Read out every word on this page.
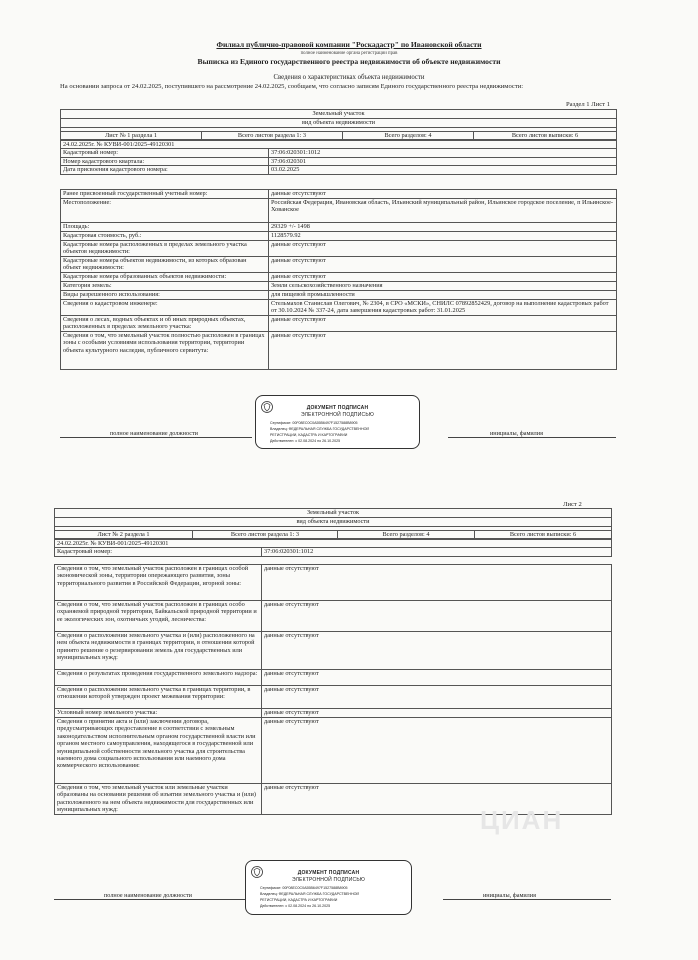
Филиал публично-правовой компании "Роскадастр" по Ивановской области
полное наименование органа регистрации прав
Выписка из Единого государственного реестра недвижимости об объекте недвижимости
Сведения о характеристиках объекта недвижимости
На основании запроса от 24.02.2025, поступившего на рассмотрение 24.02.2025, сообщаем, что согласно записям Единого государственного реестра недвижимости:
Раздел 1 Лист 1
Земельный участок
вид объекта недвижимости

Лист № 1 раздела 1	Всего листов раздела 1: 3	Всего разделов: 4	Всего листов выписки: 6
24.02.2025г. № КУВИ-001/2025-49120301	
Кадастровый номер:	37:06:020301:1012
Номер кадастрового квартала:	37:06:020301
Дата присвоения кадастрового номера:	03.02.2025
Ранее присвоенный государственный учетный номер:	данные отсутствуют
Местоположение:	Российская Федерация, Ивановская область, Ильинский муниципальный район, Ильинское городское поселение, п Ильинское-Хованское
Площадь:	29329 +/- 1498
Кадастровая стоимость, руб.:	1128579.92
Кадастровые номера расположенных в пределах земельного участка объектов недвижимости:	данные отсутствуют
Кадастровые номера объектов недвижимости, из которых образован объект недвижимости:	данные отсутствуют
Кадастровые номера образованных объектов недвижимости:	данные отсутствуют
Категория земель:	Земли сельскохозяйственного назначения
Виды разрешенного использования:	для пищевой промышленности
Сведения о кадастровом инженере:	Стельмахов Станислав Олегович, № 2304, в СРО «МСКИ», СНИЛС 07892852429, договор на выполнение кадастровых работ от 30.10.2024 № 337-24, дата завершения кадастровых работ: 31.01.2025
Сведения о лесах, водных объектах и об иных природных объектах, расположенных в пределах земельного участка:	данные отсутствуют
Сведения о том, что земельный участок полностью расположен в границах зоны с особыми условиями использования территории, территории объекта культурного наследия, публичного сервитута:	данные отсутствуют
полное наименование должности	инициалы, фамилия
ДОКУМЕНТ ПОДПИСАН
ЭЛЕКТРОННОЙ ПОДПИСЬЮ
Сертификат: 00F08EC0C0A55B6497F1527588B8905
Владелец: ФЕДЕРАЛЬНАЯ СЛУЖБА ГОСУДАРСТВЕННОЙ
РЕГИСТРАЦИИ, КАДАСТРА И КАРТОГРАФИИ
Действителен: с 02.08.2024 по 26.10.2025
Лист 2
Земельный участок
вид объекта недвижимости

Лист № 2 раздела 1	Всего листов раздела 1: 3	Всего разделов: 4	Всего листов выписки: 6
24.02.2025г. № КУВИ-001/2025-49120301
Кадастровый номер:	37:06:020301:1012
Сведения о том, что земельный участок расположен в границах особой экономической зоны, территории опережающего развития, зоны территориального развития в Российской Федерации, игорной зоны:	данные отсутствуют
Сведения о том, что земельный участок расположен в границах особо охраняемой природной территории, Байкальской природной территории и ее экологических зон, охотничьих угодий, лесничества:	данные отсутствуют
Сведения о расположении земельного участка и (или) расположенного на нем объекта недвижимости в границах территории, в отношении которой принято решение о резервировании земель для государственных или муниципальных нужд:	данные отсутствуют
Сведения о результатах проведения государственного земельного надзора:	данные отсутствуют
Сведения о расположении земельного участка в границах территории, в отношении которой утвержден проект межевания территории:	данные отсутствуют
Условный номер земельного участка:	данные отсутствуют
Сведения о принятии акта и (или) заключении договора, предусматривающих предоставление в соответствии с земельным законодательством исполнительным органом государственной власти или органом местного самоуправления, находящегося в государственной или муниципальной собственности земельного участка для строительства наемного дома социального использования или наемного дома коммерческого использования:	данные отсутствуют
Сведения о том, что земельный участок или земельные участки образованы на основании решения об изъятии земельного участка и (или) расположенного на нем объекта недвижимости для государственных или муниципальных нужд:	данные отсутствуют
ЦИАН
полное наименование должности	инициалы, фамилия
ДОКУМЕНТ ПОДПИСАН
ЭЛЕКТРОННОЙ ПОДПИСЬЮ
Сертификат: 00F08EC0C0A55B6497F1527588B8905
Владелец: ФЕДЕРАЛЬНАЯ СЛУЖБА ГОСУДАРСТВЕННОЙ
РЕГИСТРАЦИИ, КАДАСТРА И КАРТОГРАФИИ
Действителен: с 02.08.2024 по 26.10.2025
